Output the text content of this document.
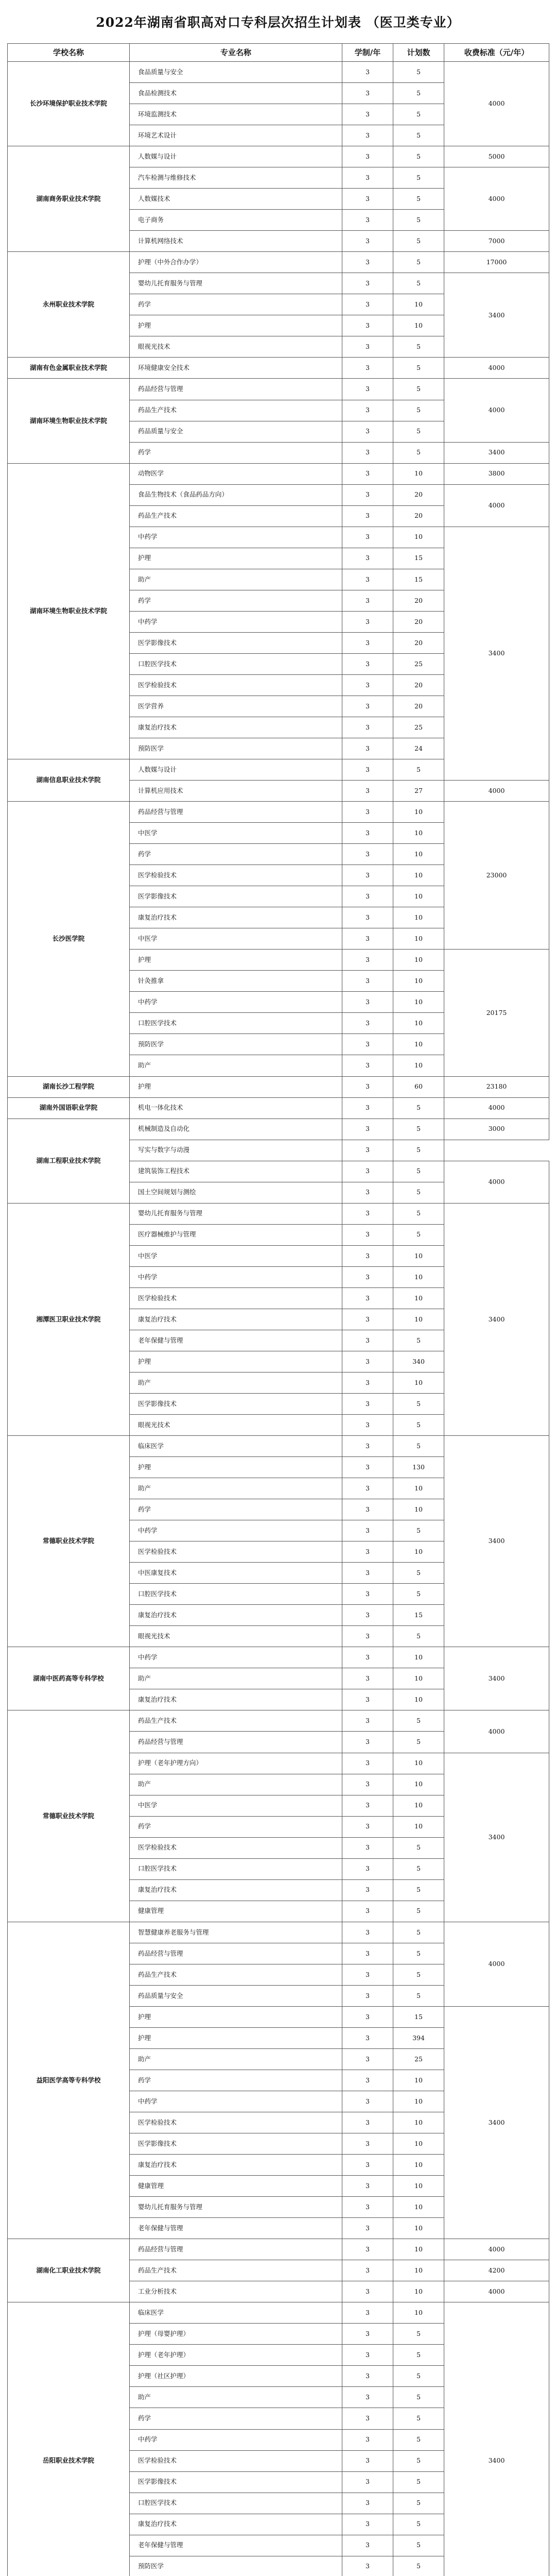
2022年湖南省职高对口专科层次招生计划表 （医卫类专业）
学校名称	专业名称	学制/年	计划数	收费标准（元/年）	
长沙环境保护职业技术学院	食品质量与安全	3	5	4000	
	食品检测技术	3	5		
	环境监测技术	3	5		
	环境艺术设计	3	5		
湖南商务职业技术学院	人数媒与设计	3	5	5000	
	汽车检测与维修技术	3	5	4000	
	人数媒技术	3	5		
	电子商务	3	5		
	计算机网络技术	3	5	7000	
永州职业技术学院	护理（中外合作办学）	3	5	17000	
	婴幼儿托育服务与管理	3	5	3400	
	药学	3	10		
	护理	3	10		
	眼视光技术	3	5		
湖南有色金属职业技术学院	环境健康安全技术	3	5	4000	
湖南环境生物职业技术学院	药品经营与管理	3	5	4000	
	药品生产技术	3	5		
	药品质量与安全	3	5		
	药学	3	5	3400	
湖南环境生物职业技术学院	动物医学	3	10	3800	
	食品生物技术（食品药品方向）	3	20	4000	
	药品生产技术	3	20		
	中药学	3	10	3400	
	护理	3	15		
	助产	3	15		
	药学	3	20		
	中药学	3	20		
	医学影像技术	3	20		
	口腔医学技术	3	25		
	医学检验技术	3	20		
	医学营养	3	20		
	康复治疗技术	3	25		
	预防医学	3	24		
湖南信息职业技术学院	人数媒与设计	3	5	
	计算机应用技术	3	27	4000	
长沙医学院	药品经营与管理	3	10	23000	
	中医学	3	10		
	药学	3	10		
	医学检验技术	3	10		
	医学影像技术	3	10		
	康复治疗技术	3	10		
	中医学	3	10		
	护理	3	10	20175	
	针灸推拿	3	10		
	中药学	3	10		
	口腔医学技术	3	10		
	预防医学	3	10		
	助产	3	10		
湖南长沙工程学院	护理	3	60	23180	
湖南外国语职业学院	机电一体化技术	3	5	4000	
湖南工程职业技术学院	机械制造及自动化	3	5	3000	
	写实与数字与动漫	3	5		
	建筑装饰工程技术	3	5	4000	
	国土空间规划与测绘	3	5		
湘潭医卫职业技术学院	婴幼儿托育服务与管理	3	5	3400	
	医疗器械维护与管理	3	5		
	中医学	3	10		
	中药学	3	10		
	医学检验技术	3	10		
	康复治疗技术	3	10		
	老年保健与管理	3	5		
	护理	3	340		
	助产	3	10		
	医学影像技术	3	5		
	眼视光技术	3	5		
常德职业技术学院	临床医学	3	5	3400	
	护理	3	130		
	助产	3	10		
	药学	3	10		
	中药学	3	5		
	医学检验技术	3	10		
	中医康复技术	3	5		
	口腔医学技术	3	5		
	康复治疗技术	3	15		
	眼视光技术	3	5		
湖南中医药高等专科学校	中药学	3	10	3400	
	助产	3	10		
	康复治疗技术	3	10		
常德职业技术学院	药品生产技术	3	5	4000	
	药品经营与管理	3	5		
	护理（老年护理方向）	3	10	3400	
	助产	3	10		
	中医学	3	10		
	药学	3	10		
	医学检验技术	3	5		
	口腔医学技术	3	5		
	康复治疗技术	3	5		
	健康管理	3	5		
益阳医学高等专科学校	智慧健康养老服务与管理	3	5	4000	
	药品经营与管理	3	5		
	药品生产技术	3	5		
	药品质量与安全	3	5		
	护理	3	15	3400	
	护理	3	394		
	助产	3	25		
	药学	3	10		
	中药学	3	10		
	医学检验技术	3	10		
	医学影像技术	3	10		
	康复治疗技术	3	10		
	健康管理	3	10		
	婴幼儿托育服务与管理	3	10		
	老年保健与管理	3	10		
湖南化工职业技术学院	药品经营与管理	3	10	4000	
	药品生产技术	3	10	4200	
	工业分析技术	3	10	4000	
岳阳职业技术学院	临床医学	3	10	3400	
	护理（母婴护理）	3	5		
	护理（老年护理）	3	5		
	护理（社区护理）	3	5		
	助产	3	5		
	药学	3	5		
	中药学	3	5		
	医学检验技术	3	5		
	医学影像技术	3	5		
	口腔医学技术	3	5		
	康复治疗技术	3	5		
	老年保健与管理	3	5		
	预防医学	3	5		
